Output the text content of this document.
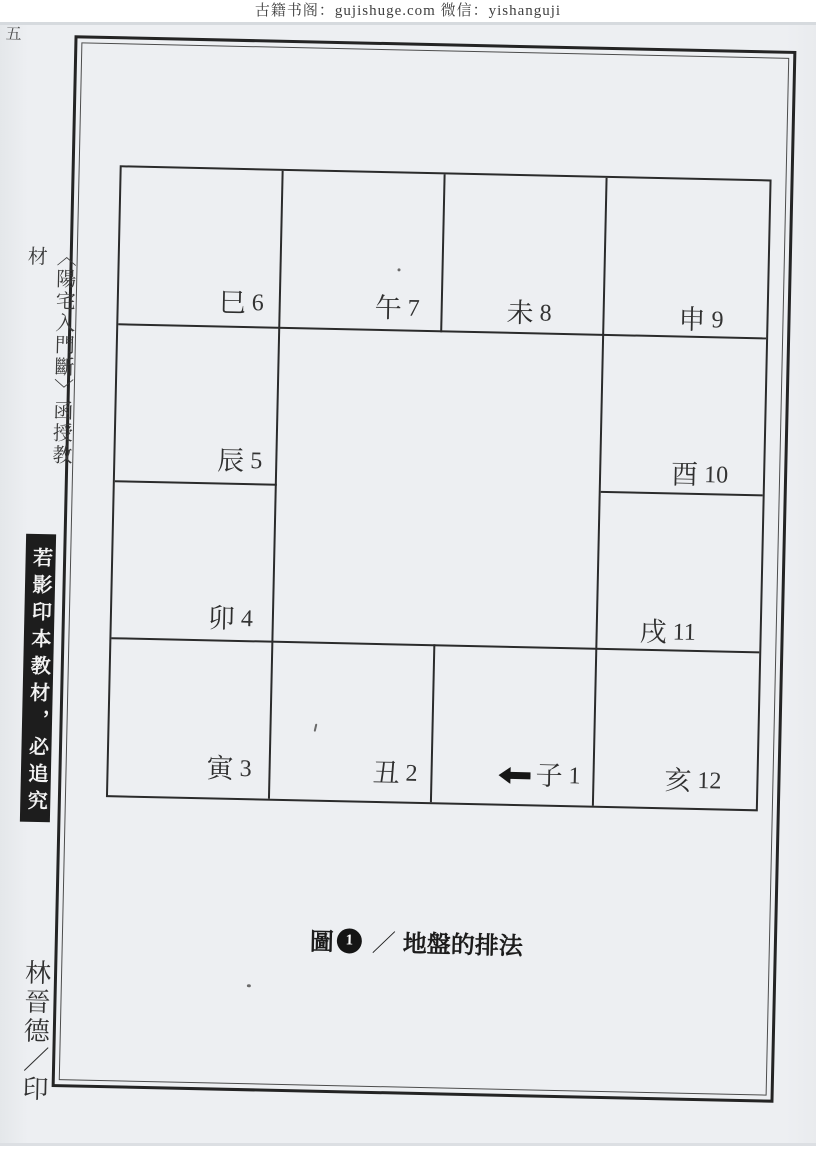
古籍书阁：gujishuge.com 微信：yishanguji
巳 6	午 7	未 8	申 9
辰 5	酉 10
卯 4	戌 11
寅 3	丑 2	子 1	亥 12
圖 1 ／ 地盤的排法
〈陽宅入門斷〉函授教材
若影印本教材，必追究
五
林晉德／印
